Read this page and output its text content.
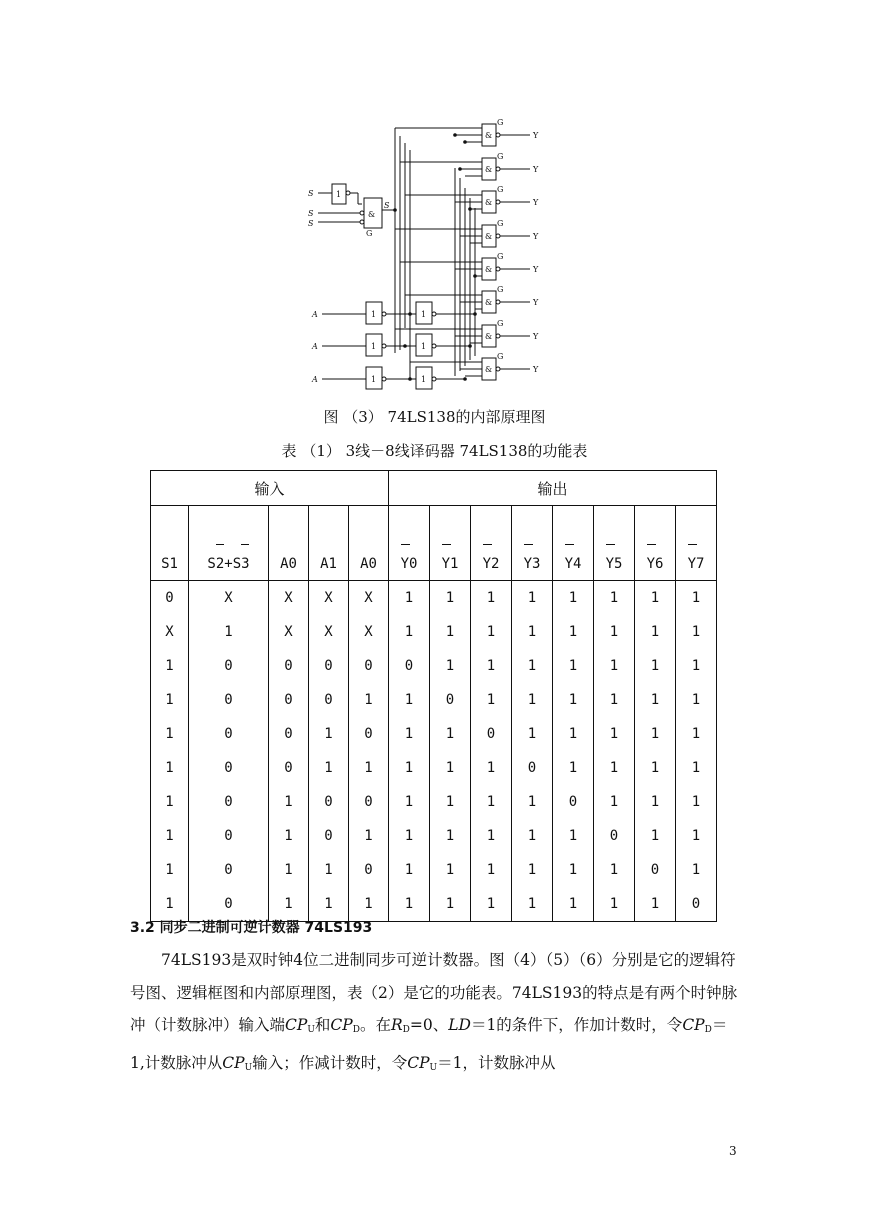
S	1
S
S
&
S
G
A
A
A
1
1
1
1
1
1
&
G
Y
&
G
Y
&
G
Y
&
G
Y
&
G
Y
&
G
Y
&
G
Y
&
G
Y
图 （3） 74LS138的内部原理图
表 （1） 3线－8线译码器 74LS138的功能表
输入					输出							
S1	S2+S3	A0	A1	A0	Y0	Y1	Y2	Y3	Y4	Y5	Y6	Y7

0	X	X	X	X	1	1	1	1	1	1	1	1
X	1	X	X	X	1	1	1	1	1	1	1	1
1	0	0	0	0	0	1	1	1	1	1	1	1
1	0	0	0	1	1	0	1	1	1	1	1	1
1	0	0	1	0	1	1	0	1	1	1	1	1
1	0	0	1	1	1	1	1	0	1	1	1	1
1	0	1	0	0	1	1	1	1	0	1	1	1
1	0	1	0	1	1	1	1	1	1	0	1	1
1	0	1	1	0	1	1	1	1	1	1	0	1
1	0	1	1	1	1	1	1	1	1	1	1	0
3.2 同步二进制可逆计数器 74LS193

74LS193是双时钟4位二进制同步可逆计数器。图（4）（5）（6）分别是它的逻辑符号图、逻辑框图和内部原理图，表（2）是它的功能表。74LS193的特点是有两个时钟脉冲（计数脉冲）输入端$CP_U$和$CP_D$。在$R_D=0$、LD＝1的条件下，作加计数时，令$CP_D=1$,计数脉冲从$CP_U$输入；作减计数时，令$CP_U=1$，计数脉冲从

3
